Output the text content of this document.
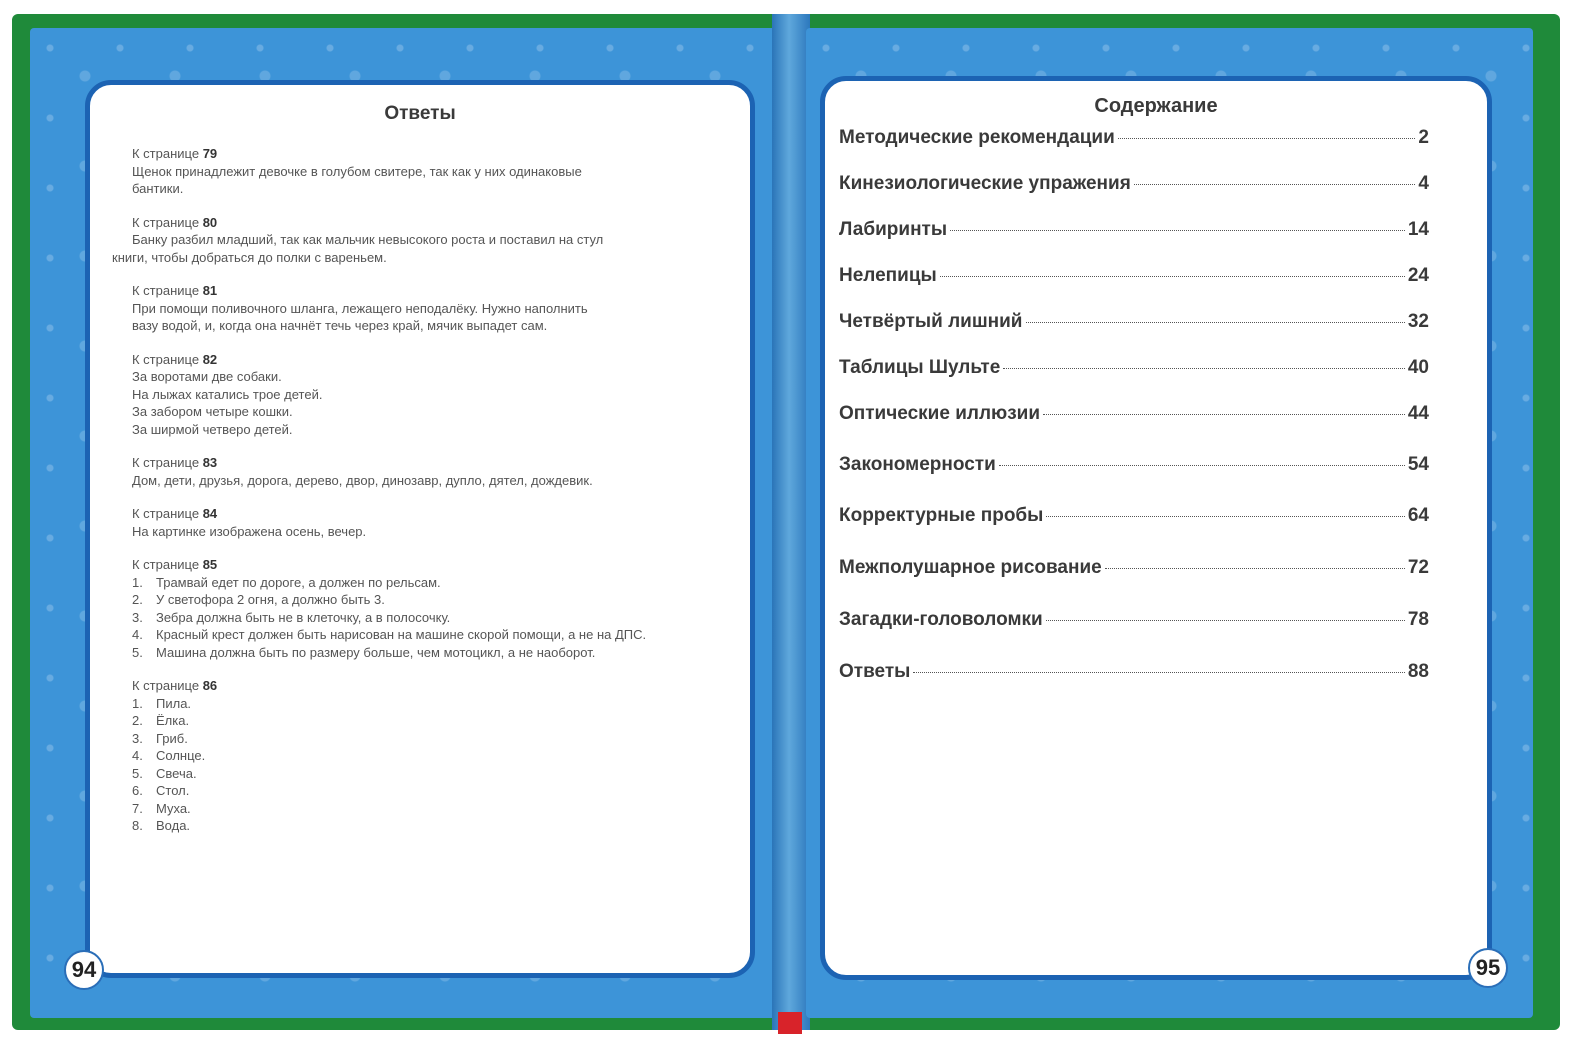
Ответы
К странице 79
Щенок принадлежит девочке в голубом свитере, так как у них одинаковые
бантики.
К странице 80
Банку разбил младший, так как мальчик невысокого роста и поставил на стул
книги, чтобы добраться до полки с вареньем.
К странице 81
При помощи поливочного шланга, лежащего неподалёку. Нужно наполнить
вазу водой, и, когда она начнёт течь через край, мячик выпадет сам.
К странице 82
За воротами две собаки.
На лыжах катались трое детей.
За забором четыре кошки.
За ширмой четверо детей.
К странице 83
Дом, дети, друзья, дорога, дерево, двор, динозавр, дупло, дятел, дождевик.
К странице 84
На картинке изображена осень, вечер.
К странице 85
1.	Трамвай едет по дороге, а должен по рельсам.
2.	У светофора 2 огня, а должно быть 3.
3.	Зебра должна быть не в клеточку, а в полосочку.
4.	Красный крест должен быть нарисован на машине скорой помощи, а не на ДПС.
5.	Машина должна быть по размеру больше, чем мотоцикл, а не наоборот.
К странице 86
1.	Пила.
2.	Ёлка.
3.	Гриб.
4.	Солнце.
5.	Свеча.
6.	Стол.
7.	Муха.
8.	Вода.
94
Содержание
Методические рекомендации	2
Кинезиологические упражения	4
Лабиринты	14
Нелепицы	24
Четвёртый лишний	32
Таблицы Шульте	40
Оптические иллюзии	44
Закономерности	54
Корректурные пробы	64
Межполушарное рисование	72
Загадки-головоломки	78
Ответы	88
95
